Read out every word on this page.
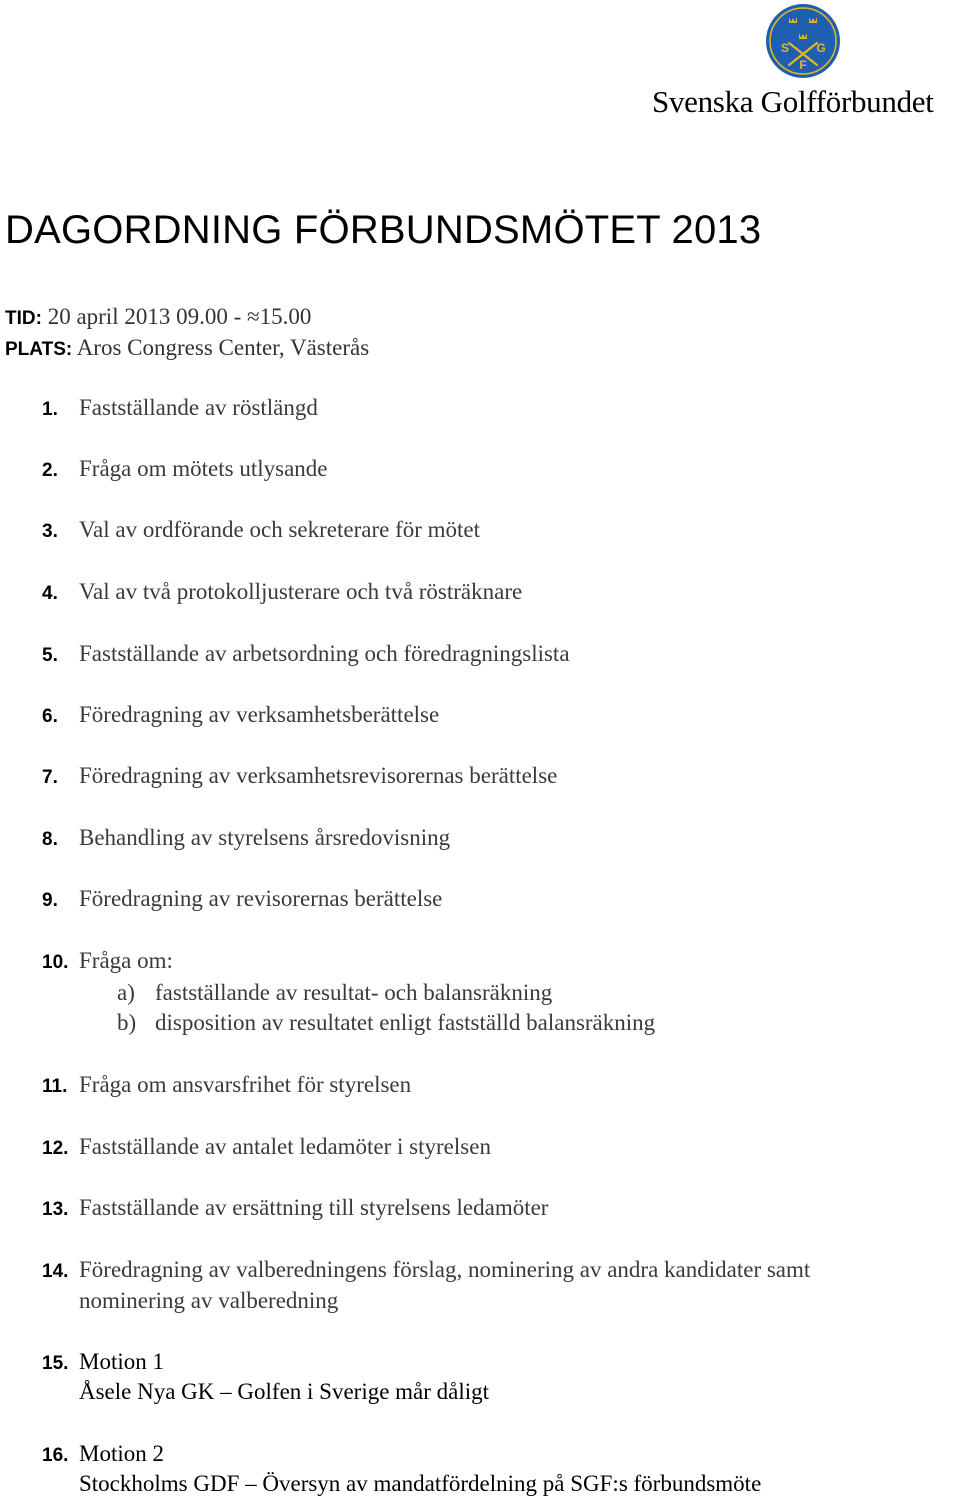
S G
F
Svenska Golfförbundet
DAGORDNING FÖRBUNDSMÖTET 2013
TID: 20 april 2013 09.00 - ≈15.00
PLATS: Aros Congress Center, Västerås
1. Fastställande av röstlängd
2. Fråga om mötets utlysande
3. Val av ordförande och sekreterare för mötet
4. Val av två protokolljusterare och två rösträknare
5. Fastställande av arbetsordning och föredragningslista
6. Föredragning av verksamhetsberättelse
7. Föredragning av verksamhetsrevisorernas berättelse
8. Behandling av styrelsens årsredovisning
9. Föredragning av revisorernas berättelse
10. Fråga om:
a) fastställande av resultat- och balansräkning
b) disposition av resultatet enligt fastställd balansräkning
11. Fråga om ansvarsfrihet för styrelsen
12. Fastställande av antalet ledamöter i styrelsen
13. Fastställande av ersättning till styrelsens ledamöter
14. Föredragning av valberedningens förslag, nominering av andra kandidater samt
nominering av valberedning
15. Motion 1
Åsele Nya GK – Golfen i Sverige mår dåligt
16. Motion 2
Stockholms GDF – Översyn av mandatfördelning på SGF:s förbundsmöte
